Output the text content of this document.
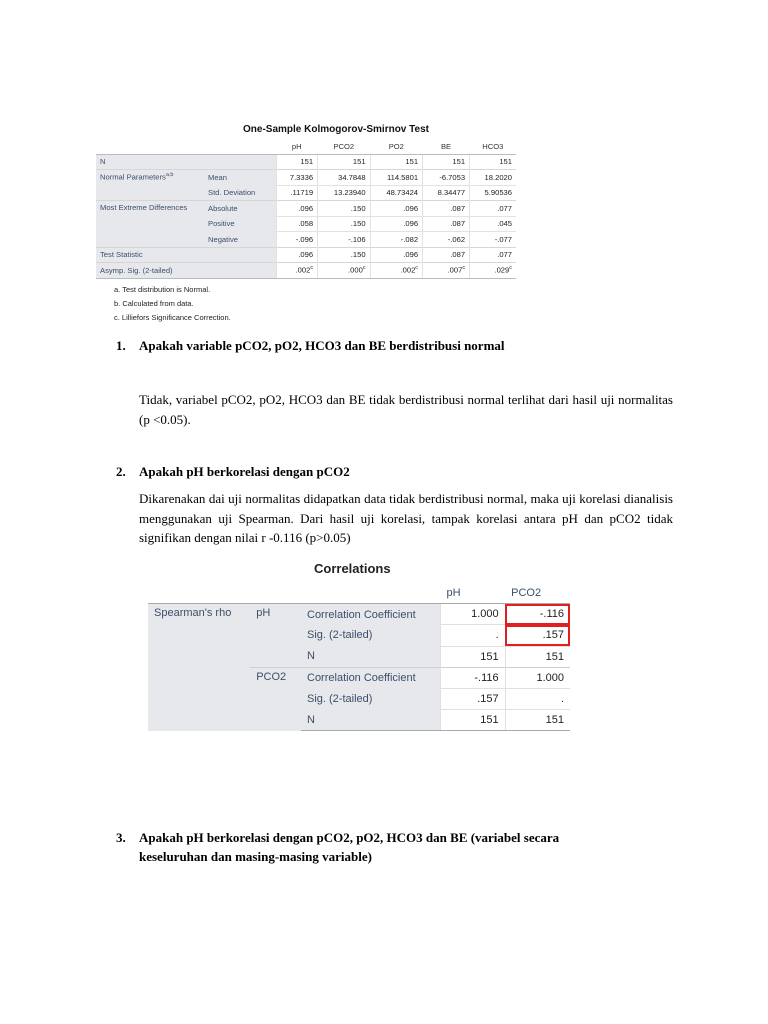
One-Sample Kolmogorov-Smirnov Test
		pH	PCO2	PO2	BE	HCO3
N		151	151	151	151	151
Normal Parameters$^{a,b}$	Mean	7.3336	34.7848	114.5801	-6.7053	18.2020
	Std. Deviation	.11719	13.23940	48.73424	8.34477	5.90536
Most Extreme Differences	Absolute	.096	.150	.096	.087	.077
	Positive	.058	.150	.096	.087	.045
	Negative	-.096	-.106	-.082	-.062	-.077
Test Statistic		.096	.150	.096	.087	.077
Asymp. Sig. (2-tailed)		.002$^c$	.000$^c$	.002$^c$	.007$^c$	.029$^c$
a. Test distribution is Normal.
b. Calculated from data.
c. Lilliefors Significance Correction.
1.	Apakah variable pCO2, pO2, HCO3 dan BE berdistribusi normal
Tidak, variabel pCO2, pO2, HCO3 dan BE tidak berdistribusi normal terlihat dari hasil uji normalitas (p <0.05).
2.	Apakah pH berkorelasi dengan pCO2
Dikarenakan dai uji normalitas didapatkan data tidak berdistribusi normal, maka uji korelasi dianalisis menggunakan uji Spearman. Dari hasil uji korelasi, tampak korelasi antara pH dan pCO2 tidak signifikan dengan nilai r -0.116 (p>0.05)
Correlations
			pH	PCO2
Spearman's rho	pH	Correlation Coefficient	1.000	-.116
		Sig. (2-tailed)	.	.157
		N	151	151
	PCO2	Correlation Coefficient	-.116	1.000
		Sig. (2-tailed)	.157	.
		N	151	151
3.	Apakah pH berkorelasi dengan pCO2, pO2, HCO3 dan BE (variabel secara keseluruhan dan masing-masing variable)
